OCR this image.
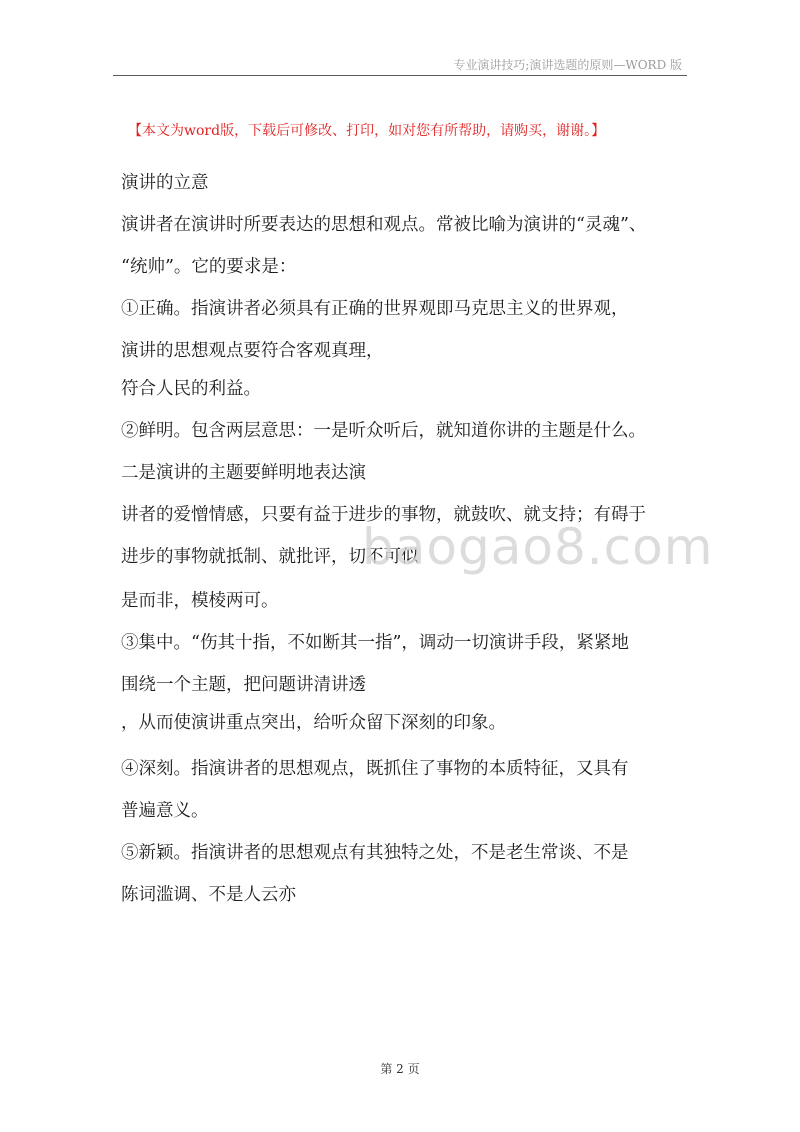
专业演讲技巧;演讲选题的原则—WORD 版
【本文为word版，下载后可修改、打印，如对您有所帮助，请购买，谢谢。】
演讲的立意
演讲者在演讲时所要表达的思想和观点。常被比喻为演讲的“灵魂”、
“统帅”。它的要求是：
①正确。指演讲者必须具有正确的世界观即马克思主义的世界观，
演讲的思想观点要符合客观真理，
符合人民的利益。
②鲜明。包含两层意思：一是听众听后，就知道你讲的主题是什么。
二是演讲的主题要鲜明地表达演
讲者的爱憎情感，只要有益于进步的事物，就鼓吹、就支持；有碍于
进步的事物就抵制、就批评，切不可似
是而非，模棱两可。
③集中。“伤其十指，不如断其一指”，调动一切演讲手段，紧紧地
围绕一个主题，把问题讲清讲透
，从而使演讲重点突出，给听众留下深刻的印象。
④深刻。指演讲者的思想观点，既抓住了事物的本质特征，又具有
普遍意义。
⑤新颖。指演讲者的思想观点有其独特之处，不是老生常谈、不是
陈词滥调、不是人云亦
baogao8.com
第 2 页
